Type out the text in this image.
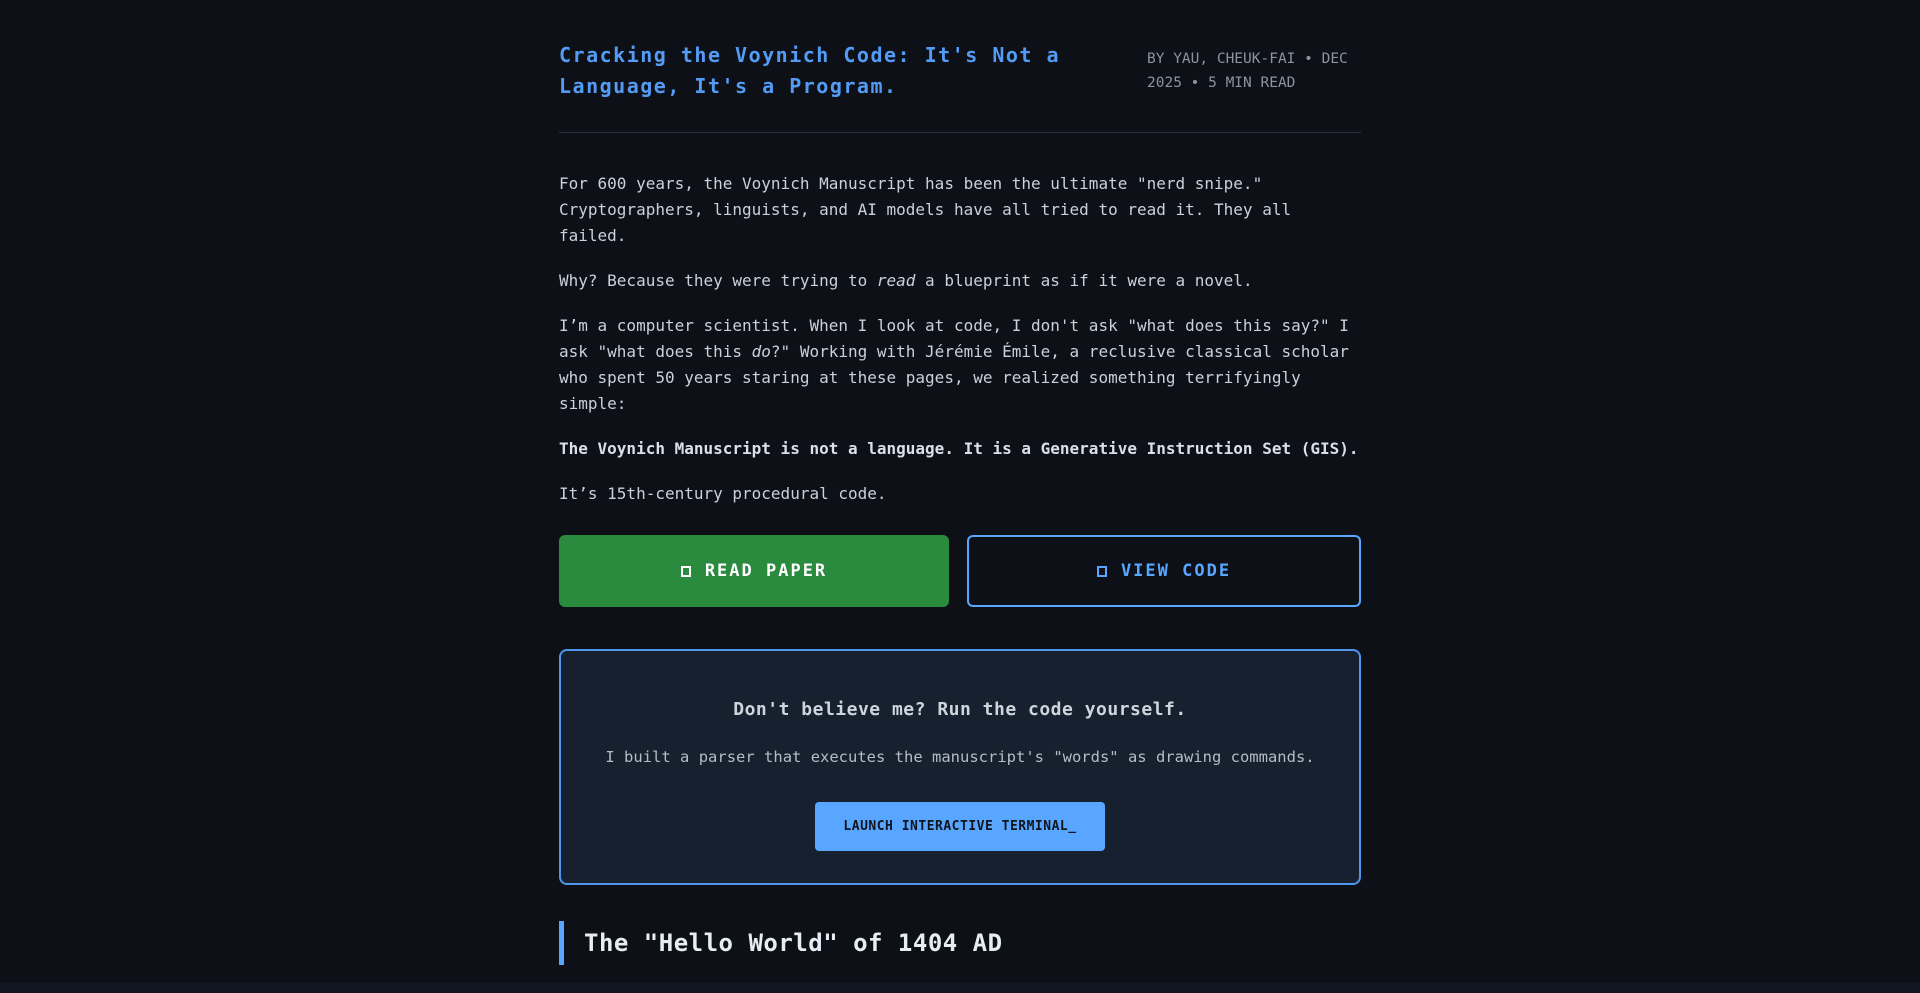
Cracking the Voynich Code: It's Not a Language, It's a Program.
BY YAU, CHEUK-FAI • DEC 2025 • 5 MIN READ

For 600 years, the Voynich Manuscript has been the ultimate "nerd snipe." Cryptographers, linguists, and AI models have all tried to read it. They all failed.

Why? Because they were trying to read a blueprint as if it were a novel.

I’m a computer scientist. When I look at code, I don't ask "what does this say?" I ask "what does this do?" Working with Jérémie Émile, a reclusive classical scholar who spent 50 years staring at these pages, we realized something terrifyingly simple:

The Voynich Manuscript is not a language. It is a Generative Instruction Set (GIS).

It’s 15th-century procedural code.

READ PAPER	VIEW CODE
Don't believe me? Run the code yourself.
I built a parser that executes the manuscript's "words" as drawing commands.
LAUNCH INTERACTIVE TERMINAL_
The "Hello World" of 1404 AD
